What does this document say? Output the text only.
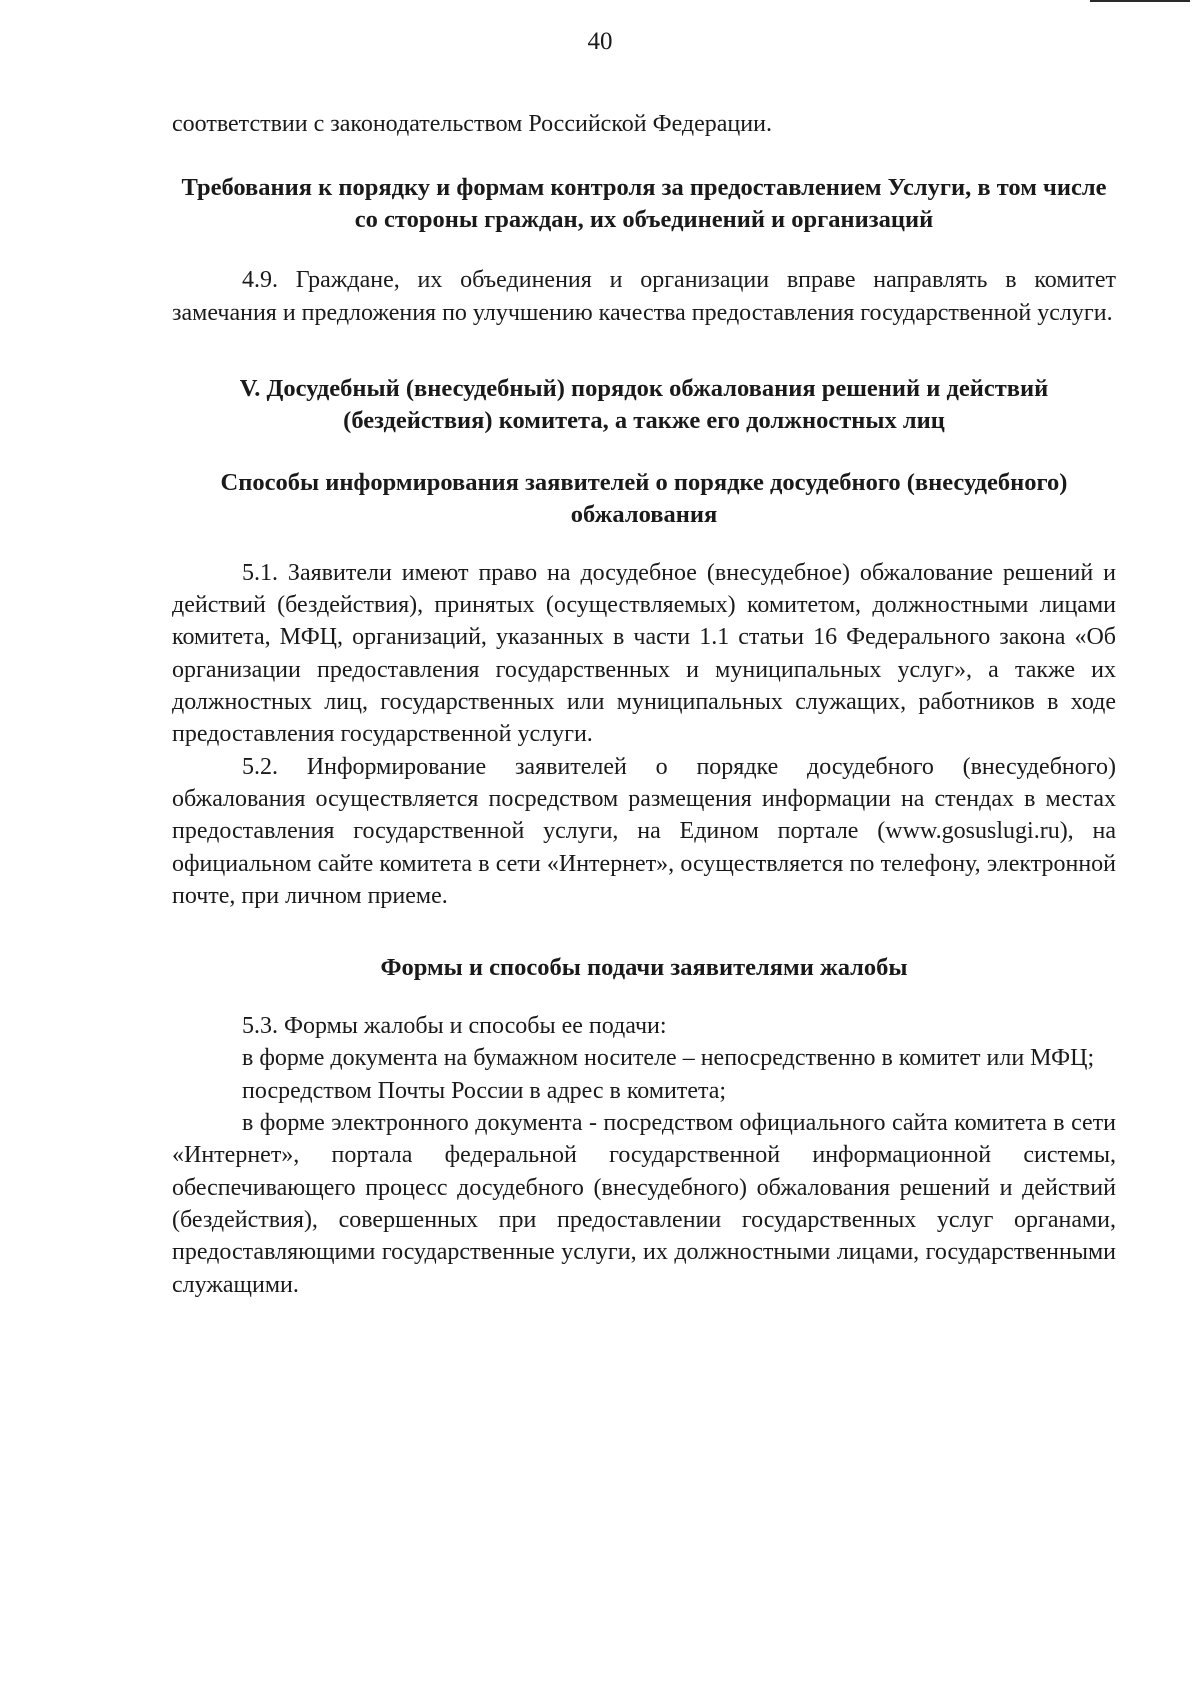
40

соответствии с законодательством Российской Федерации.

Требования к порядку и формам контроля за предоставлением Услуги, в том числе со стороны граждан, их объединений и организаций

4.9. Граждане, их объединения и организации вправе направлять в комитет замечания и предложения по улучшению качества предоставления государственной услуги.

V. Досудебный (внесудебный) порядок обжалования решений и действий (бездействия) комитета, а также его должностных лиц

Способы информирования заявителей о порядке досудебного (внесудебного) обжалования

5.1. Заявители имеют право на досудебное (внесудебное) обжалование решений и действий (бездействия), принятых (осуществляемых) комитетом, должностными лицами комитета, МФЦ, организаций, указанных в части 1.1 статьи 16 Федерального закона «Об организации предоставления государственных и муниципальных услуг», а также их должностных лиц, государственных или муниципальных служащих, работников в ходе предоставления государственной услуги.

5.2. Информирование заявителей о порядке досудебного (внесудебного) обжалования осуществляется посредством размещения информации на стендах в местах предоставления государственной услуги, на Едином портале (www.gosuslugi.ru), на официальном сайте комитета в сети «Интернет», осуществляется по телефону, электронной почте, при личном приеме.

Формы и способы подачи заявителями жалобы

5.3. Формы жалобы и способы ее подачи:

в форме документа на бумажном носителе – непосредственно в комитет или МФЦ;

посредством Почты России в адрес в комитета;

в форме электронного документа - посредством официального сайта комитета в сети «Интернет», портала федеральной государственной информационной системы, обеспечивающего процесс досудебного (внесудебного) обжалования решений и действий (бездействия), совершенных при предоставлении государственных услуг органами, предоставляющими государственные услуги, их должностными лицами, государственными служащими.
